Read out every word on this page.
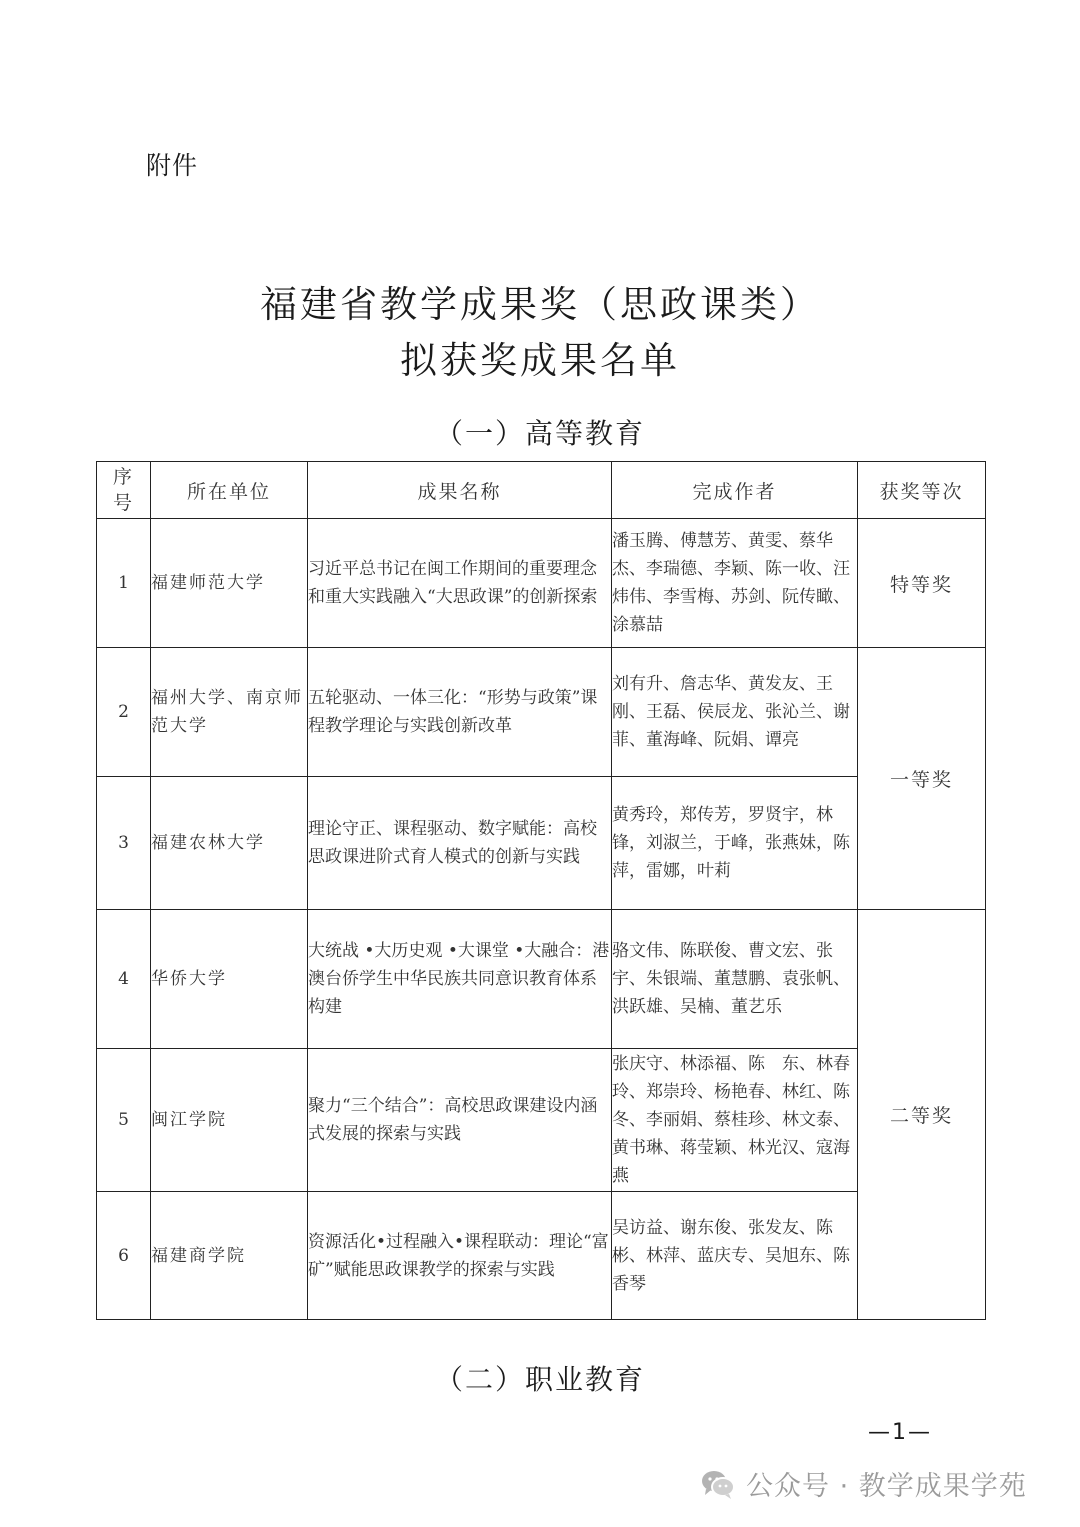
附件
福建省教学成果奖（思政课类）
拟获奖成果名单
（一）高等教育
序
号	所在单位	成果名称	完成作者	获奖等次
1	福建师范大学	习近平总书记在闽工作期间的重要理念和重大实践融入“大思政课”的创新探索	潘玉腾、傅慧芳、黄雯、蔡华杰、李瑞德、李颖、陈一收、汪炜伟、李雪梅、苏剑、阮传瞰、涂慕喆	特等奖
2	福州大学、南京师范大学	五轮驱动、一体三化：“形势与政策”课程教学理论与实践创新改革	刘有升、詹志华、黄发友、王刚、王磊、侯辰龙、张沁兰、谢菲、董海峰、阮娟、谭亮	一等奖
3	福建农林大学	理论守正、课程驱动、数字赋能：高校思政课进阶式育人模式的创新与实践	黄秀玲，郑传芳，罗贤宇，林锋，刘淑兰，于峰，张燕妹，陈萍，雷娜，叶莉	
4	华侨大学	大统战 •大历史观 •大课堂 •大融合：港澳台侨学生中华民族共同意识教育体系构建	骆文伟、陈联俊、曹文宏、张宇、朱银端、董慧鹏、袁张帆、洪跃雄、吴楠、董艺乐	二等奖
5	闽江学院	聚力“三个结合”：高校思政课建设内涵式发展的探索与实践	张庆守、林添福、陈　东、林春玲、郑崇玲、杨艳春、林红、陈　冬、李丽娟、蔡桂珍、林文泰、黄书琳、蒋莹颖、林光汉、寇海燕	
6	福建商学院	资源活化•过程融入•课程联动：理论“富矿”赋能思政课教学的探索与实践	吴访益、谢东俊、张发友、陈彬、林萍、蓝庆专、吴旭东、陈香琴	
（二）职业教育
—1—
公众号 · 教学成果学苑
